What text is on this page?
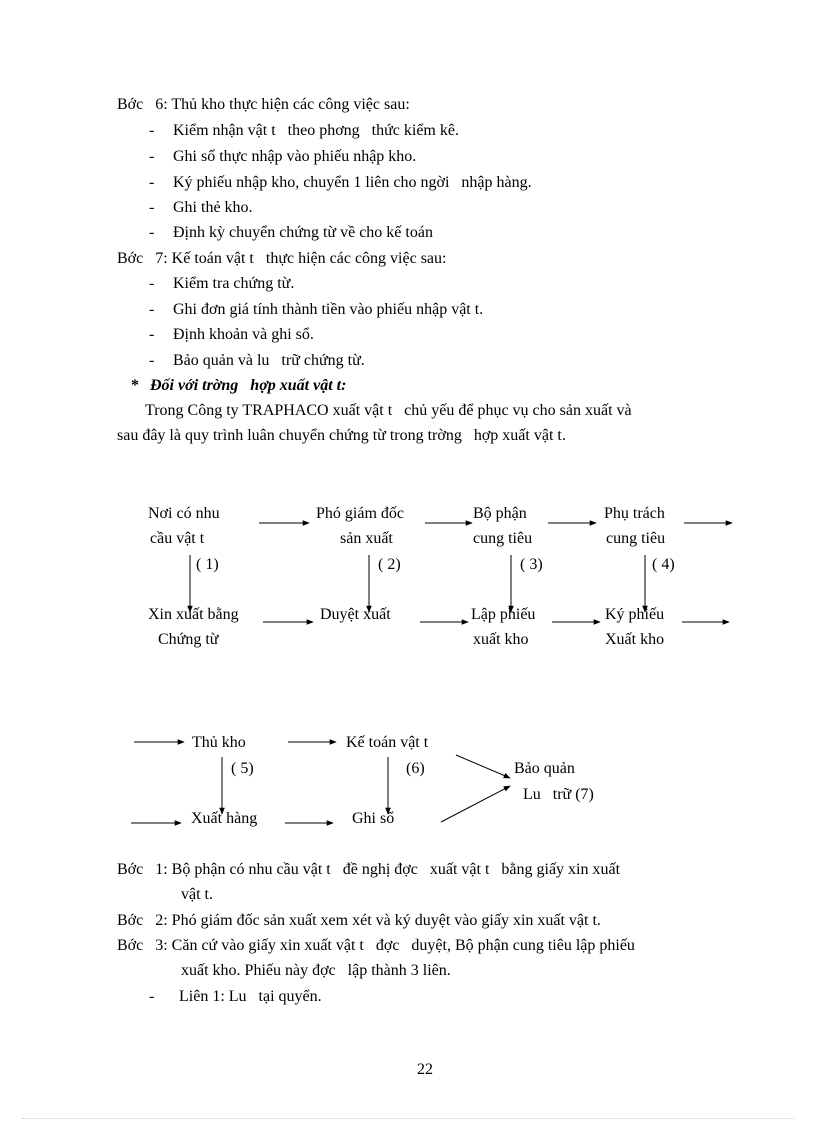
Bớc   6: Thủ kho thực hiện các công việc sau:
- Kiểm nhận vật t   theo phơng   thức kiểm kê.
- Ghi số thực nhập vào phiếu nhập kho.
- Ký phiếu nhập kho, chuyển 1 liên cho ngời   nhập hàng.
- Ghi thẻ kho.
- Định kỳ chuyển chứng từ về cho kế toán
Bớc   7: Kế toán vật t   thực hiện các công việc sau:
- Kiểm tra chứng từ.
- Ghi đơn giá tính thành tiền vào phiếu nhập vật t.
- Định khoản và ghi sổ.
- Bảo quản và lu   trữ chứng từ.
* Đối với trờng   hợp xuất vật t:
Trong Công ty TRAPHACO xuất vật t   chủ yếu để phục vụ cho sản xuất và
sau đây là quy trình luân chuyển chứng từ trong trờng   hợp xuất vật t.
Nơi có nhu
cầu vật t
Phó giám đốc
sản xuất
Bộ phận
cung tiêu
Phụ trách
cung tiêu
( 1)	( 2)	( 3)	( 4)
Xin xuất bằng
Chứng từ
Duyệt xuất	Lập phiếu
xuất kho
Ký phiếu
Xuất kho
Thủ kho	Kế toán vật t
( 5)	(6)	Bảo quản
Lu   trữ (7)
Xuất hàng	Ghi sổ
Bớc   1: Bộ phận có nhu cầu vật t   đề nghị đợc   xuất vật t   bằng giấy xin xuất
vật t.
Bớc   2: Phó giám đốc sản xuất xem xét và ký duyệt vào giấy xin xuất vật t.
Bớc   3: Căn cứ vào giấy xin xuất vật t   đợc   duyệt, Bộ phận cung tiêu lập phiếu
xuất kho. Phiếu này đợc   lập thành 3 liên.
- Liên 1: Lu   tại quyển.
22
